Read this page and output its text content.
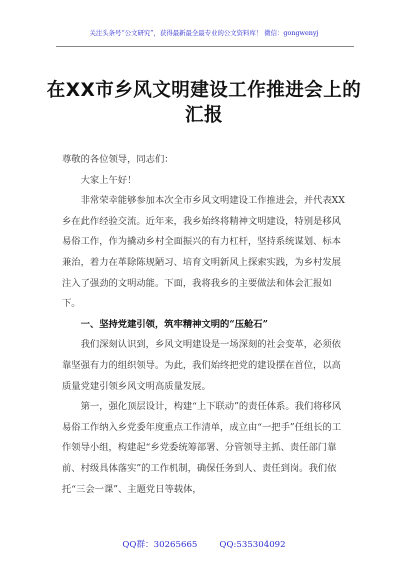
关注头条号“公文研究”，获得最新最全最专业的公文资料库！ 微信：gongwenyj
在XX市乡风文明建设工作推进会上的
汇报

尊敬的各位领导，同志们：

大家上午好！

非常荣幸能够参加本次全市乡风文明建设工作推进会，并代表XX乡在此作经验交流。近年来，我乡始终将精神文明建设，特别是移风易俗工作，作为撬动乡村全面振兴的有力杠杆，坚持系统谋划、标本兼治，着力在革除陈规陋习、培育文明新风上探索实践，为乡村发展注入了强劲的文明动能。下面，我将我乡的主要做法和体会汇报如下。

一、坚持党建引领，筑牢精神文明的“压舱石”

我们深刻认识到，乡风文明建设是一场深刻的社会变革，必须依靠坚强有力的组织领导。为此，我们始终把党的建设摆在首位，以高质量党建引领乡风文明高质量发展。

第一，强化顶层设计，构建“上下联动”的责任体系。我们将移风易俗工作纳入乡党委年度重点工作清单，成立由“一把手”任组长的工作领导小组，构建起“乡党委统筹部署、分管领导主抓、责任部门靠前、村级具体落实”的工作机制，确保任务到人、责任到岗。我们依托“三会一课”、主题党日等载体，

QQ群：30265665	QQ:535304092
